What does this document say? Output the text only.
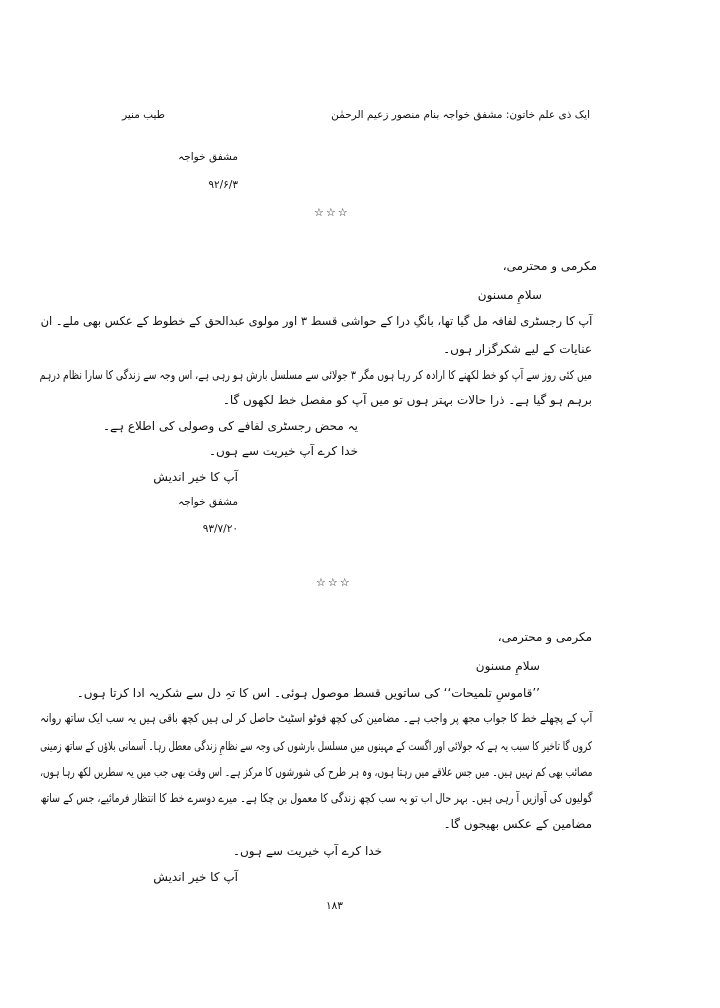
ایک ذی علم خاتون: مشفق خواجہ بنام منصور زعیم الرحمٰن
طیب منیر
مشفق خواجہ
۹۲/۶/۳
☆☆☆
مکرمی و محترمی،
سلامِ مسنون
آپ کا رجسٹری لفافہ مل گیا تھا، بانگِ درا کے حواشی قسط ۳ اور مولوی عبدالحق کے خطوط کے عکس بھی ملے۔ ان
عنایات کے لیے شکرگزار ہوں۔
میں کئی روز سے آپ کو خط لکھنے کا ارادہ کر رہا ہوں مگر ۳ جولائی سے مسلسل بارش ہو رہی ہے، اس وجہ سے زندگی کا سارا نظام درہم
برہم ہو گیا ہے۔ ذرا حالات بہتر ہوں تو میں آپ کو مفصل خط لکھوں گا۔
یہ محض رجسٹری لفافے کی وصولی کی اطلاع ہے۔
خدا کرے آپ خیریت سے ہوں۔
آپ کا خیر اندیش
مشفق خواجہ
۹۳/۷/۲۰
☆☆☆
مکرمی و محترمی،
سلامِ مسنون
’’قاموسِ تلمیحات‘‘ کی ساتویں قسط موصول ہوئی۔ اس کا تہِ دل سے شکریہ ادا کرتا ہوں۔
آپ کے پچھلے خط کا جواب مجھ پر واجب ہے۔ مضامین کی کچھ فوٹو اسٹیٹ حاصل کر لی ہیں کچھ باقی ہیں یہ سب ایک ساتھ روانہ
کروں گا تاخیر کا سبب یہ ہے کہ جولائی اور اگست کے مہینوں میں مسلسل بارشوں کی وجہ سے نظامِ زندگی معطل رہا۔ آسمانی بلاؤں کے ساتھ زمینی
مصائب بھی کم نہیں ہیں۔ میں جس علاقے میں رہتا ہوں، وہ ہر طرح کی شورشوں کا مرکز ہے۔ اس وقت بھی جب میں یہ سطریں لکھ رہا ہوں،
گولیوں کی آوازیں آ رہی ہیں۔ بہر حال اب تو یہ سب کچھ زندگی کا معمول بن چکا ہے۔ میرے دوسرے خط کا انتظار فرمائیے، جس کے ساتھ
مضامین کے عکس بھیجوں گا۔
خدا کرے آپ خیریت سے ہوں۔
آپ کا خیر اندیش
۱۸۳
